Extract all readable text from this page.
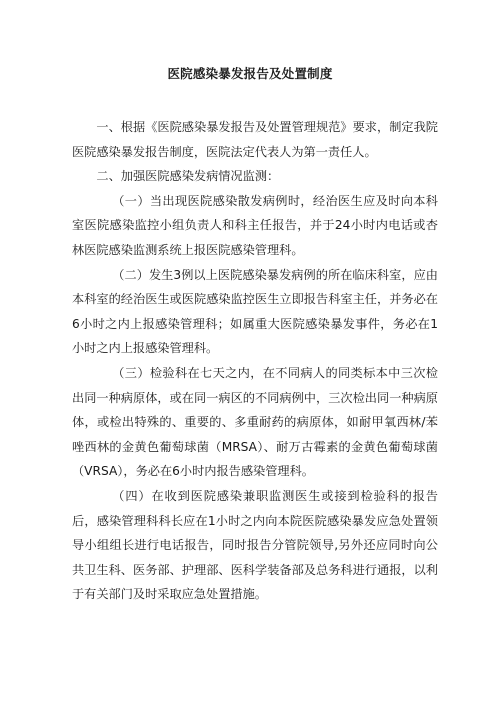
医院感染暴发报告及处置制度

一、根据《医院感染暴发报告及处置管理规范》要求，制定我院医院感染暴发报告制度，医院法定代表人为第一责任人。

二、加强医院感染发病情况监测：

（一）当出现医院感染散发病例时，经治医生应及时向本科室医院感染监控小组负责人和科主任报告，并于24小时内电话或杏林医院感染监测系统上报医院感染管理科。

（二）发生3例以上医院感染暴发病例的所在临床科室，应由本科室的经治医生或医院感染监控医生立即报告科室主任，并务必在6小时之内上报感染管理科；如属重大医院感染暴发事件，务必在1小时之内上报感染管理科。

（三）检验科在七天之内，在不同病人的同类标本中三次检出同一种病原体，或在同一病区的不同病例中，三次检出同一种病原体，或检出特殊的、重要的、多重耐药的病原体，如耐甲氧西林/苯唑西林的金黄色葡萄球菌（MRSA）、耐万古霉素的金黄色葡萄球菌（VRSA），务必在6小时内报告感染管理科。

（四）在收到医院感染兼职监测医生或接到检验科的报告后，感染管理科科长应在1小时之内向本院医院感染暴发应急处置领导小组组长进行电话报告，同时报告分管院领导,另外还应同时向公共卫生科、医务部、护理部、医科学装备部及总务科进行通报，以利于有关部门及时采取应急处置措施。
